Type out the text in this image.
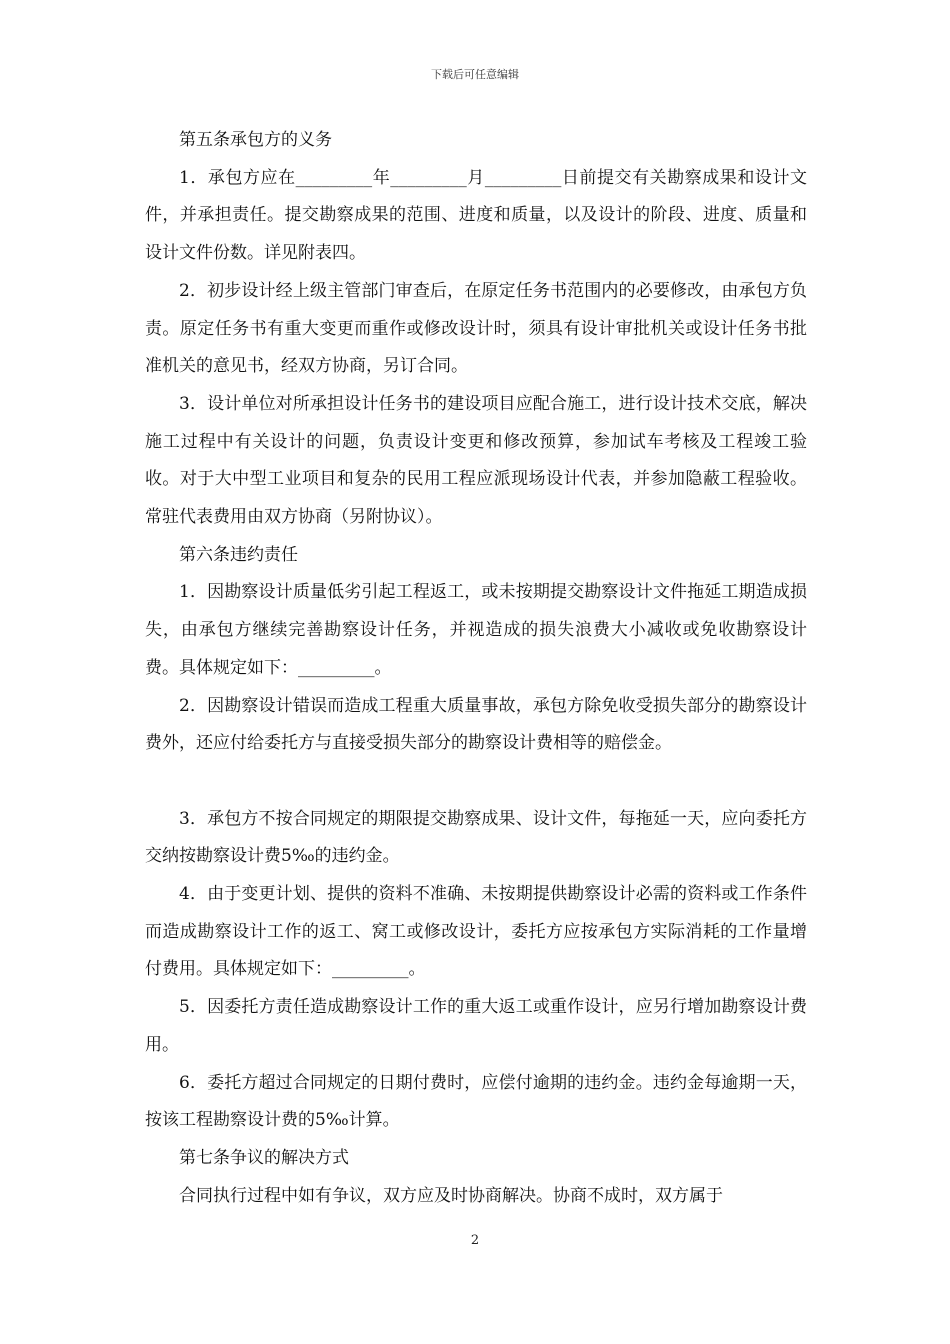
下载后可任意编辑

第五条承包方的义务

1．承包方应在_________年_________月_________日前提交有关勘察成果和设计文件，并承担责任。提交勘察成果的范围、进度和质量，以及设计的阶段、进度、质量和设计文件份数。详见附表四。

2．初步设计经上级主管部门审查后，在原定任务书范围内的必要修改，由承包方负责。原定任务书有重大变更而重作或修改设计时，须具有设计审批机关或设计任务书批准机关的意见书，经双方协商，另订合同。

3．设计单位对所承担设计任务书的建设项目应配合施工，进行设计技术交底，解决施工过程中有关设计的问题，负责设计变更和修改预算，参加试车考核及工程竣工验收。对于大中型工业项目和复杂的民用工程应派现场设计代表，并参加隐蔽工程验收。常驻代表费用由双方协商（另附协议）。

第六条违约责任

1．因勘察设计质量低劣引起工程返工，或未按期提交勘察设计文件拖延工期造成损失，由承包方继续完善勘察设计任务，并视造成的损失浪费大小减收或免收勘察设计费。具体规定如下：_________。

2．因勘察设计错误而造成工程重大质量事故，承包方除免收受损失部分的勘察设计费外，还应付给委托方与直接受损失部分的勘察设计费相等的赔偿金。

3．承包方不按合同规定的期限提交勘察成果、设计文件，每拖延一天，应向委托方交纳按勘察设计费5‰的违约金。

4．由于变更计划、提供的资料不准确、未按期提供勘察设计必需的资料或工作条件而造成勘察设计工作的返工、窝工或修改设计，委托方应按承包方实际消耗的工作量增付费用。具体规定如下：_________。

5．因委托方责任造成勘察设计工作的重大返工或重作设计，应另行增加勘察设计费用。

6．委托方超过合同规定的日期付费时，应偿付逾期的违约金。违约金每逾期一天，按该工程勘察设计费的5‰计算。

第七条争议的解决方式

合同执行过程中如有争议，双方应及时协商解决。协商不成时，双方属于

2
